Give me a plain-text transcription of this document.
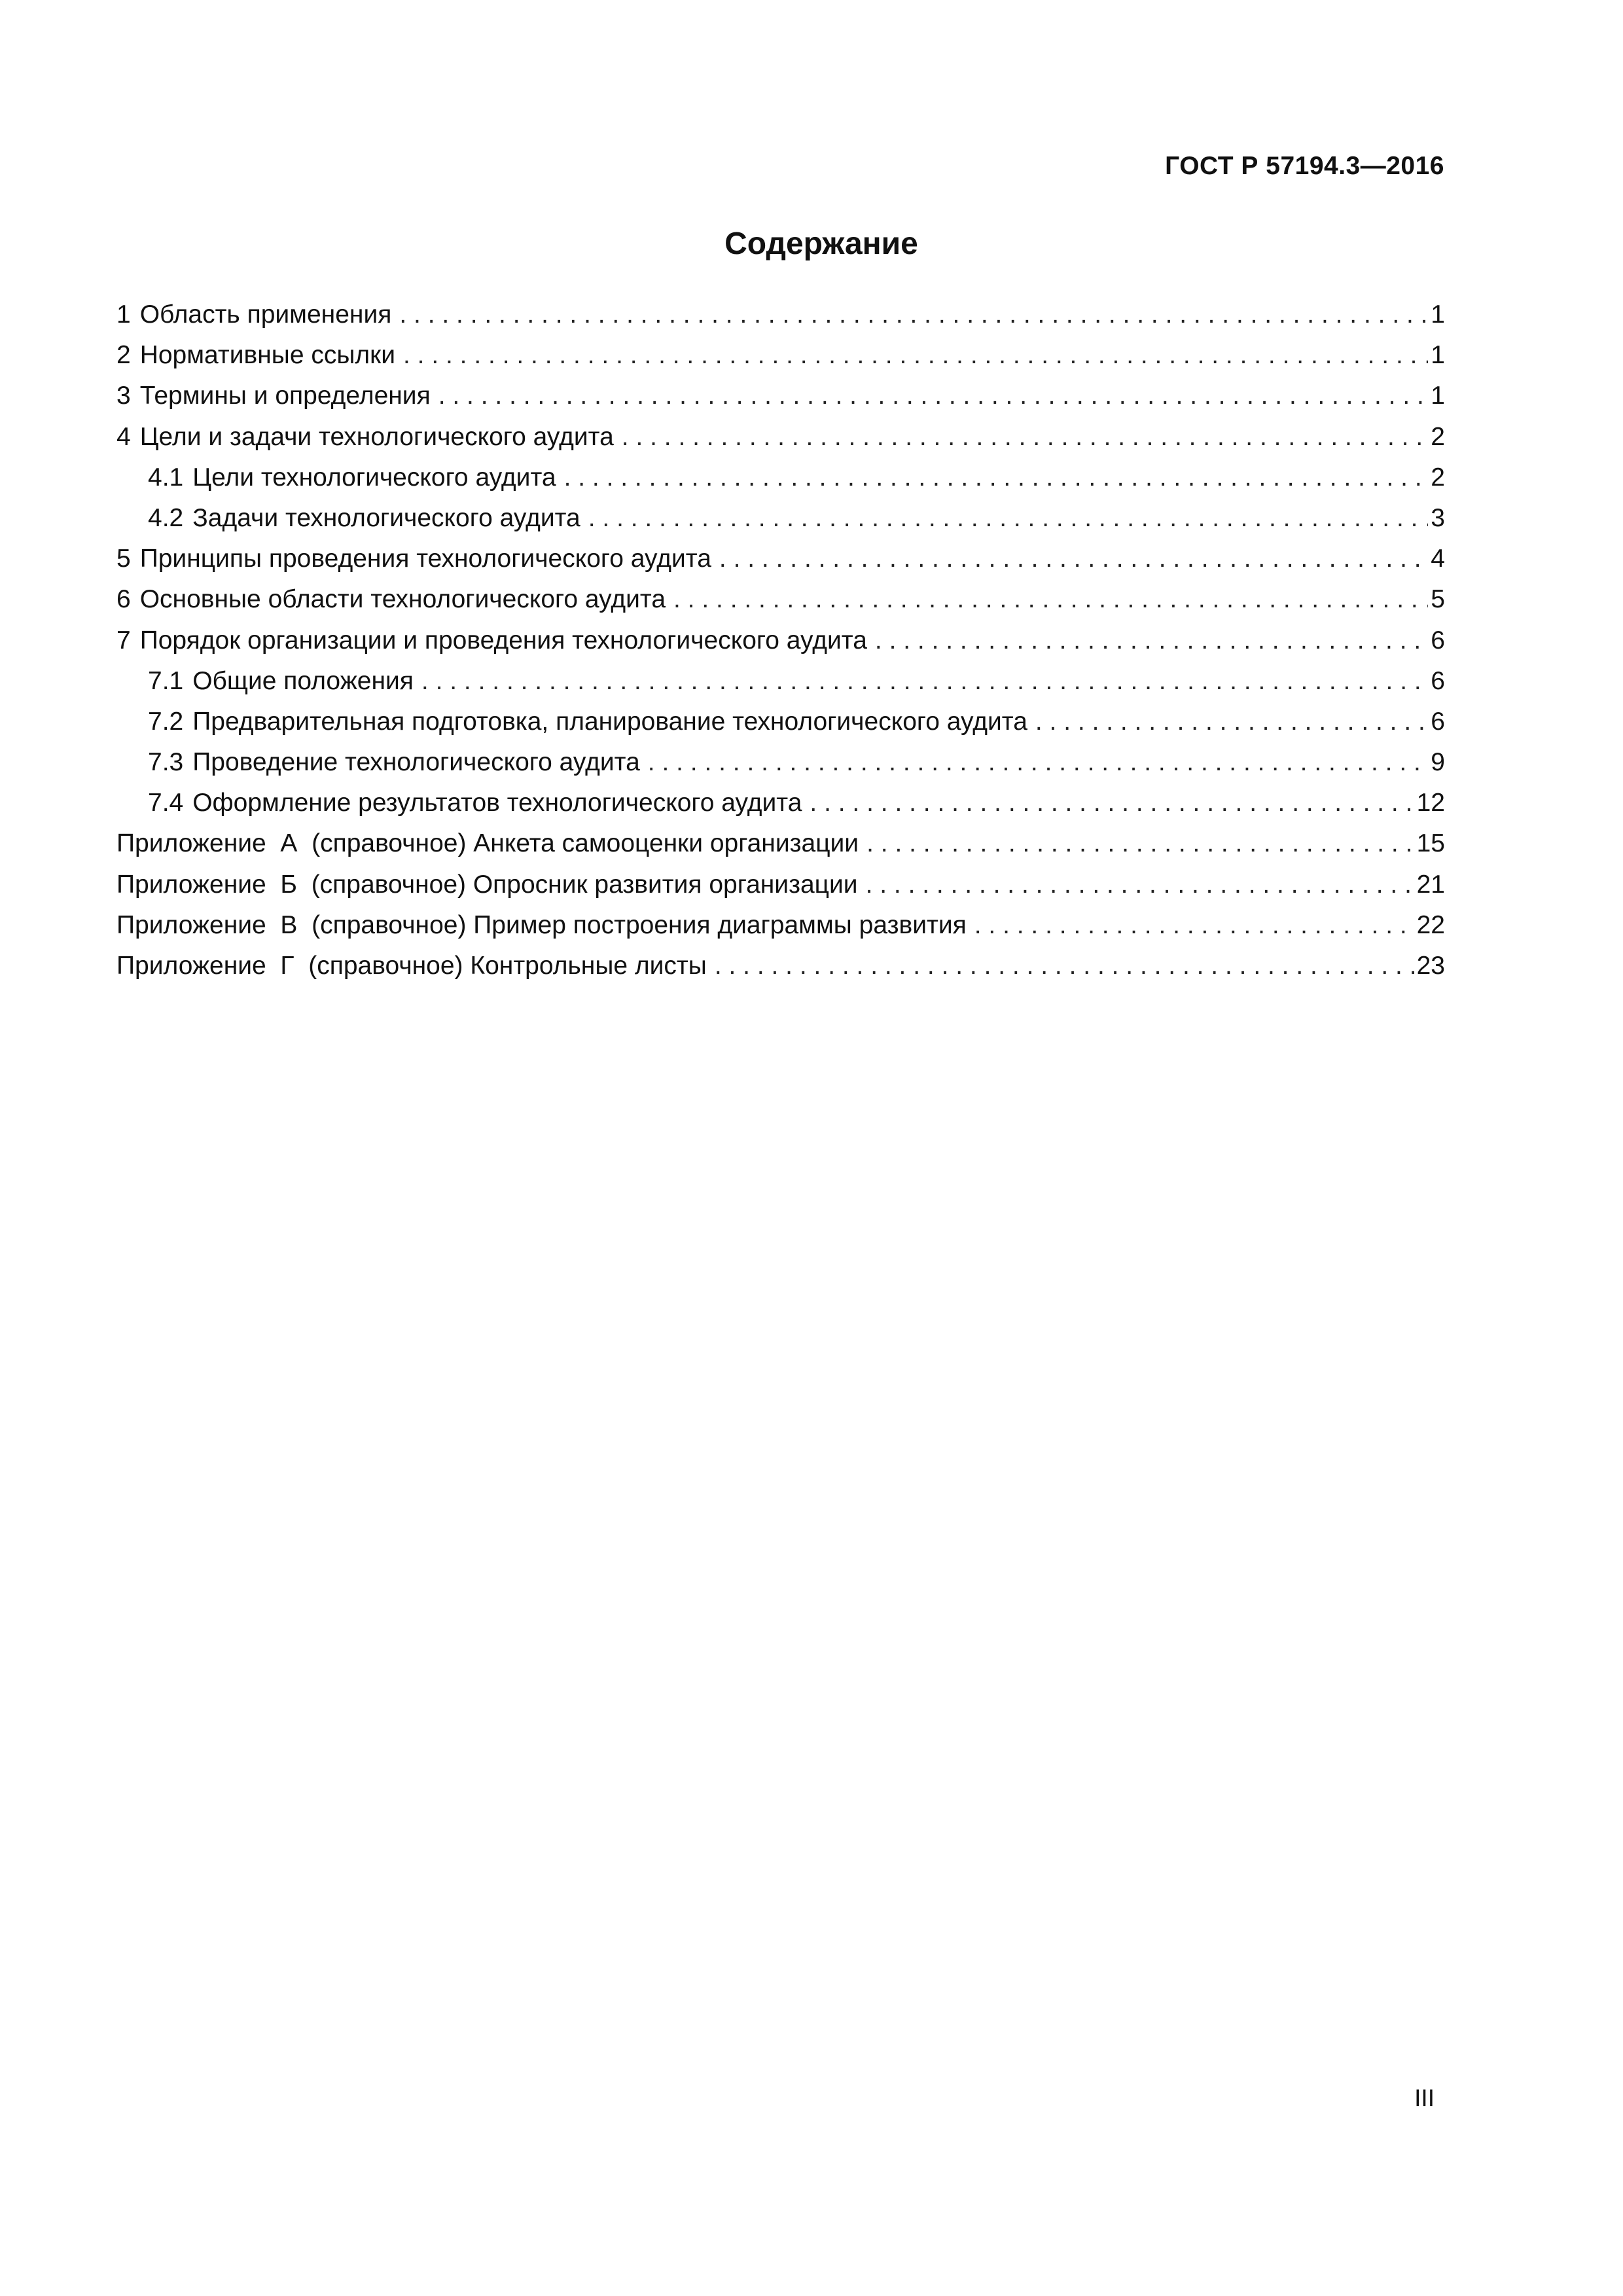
ГОСТ Р 57194.3—2016
Содержание
1 Область применения . . .	1
2 Нормативные ссылки . . .	1
3 Термины и определения . . .	1
4 Цели и задачи технологического аудита . . .	2
4.1 Цели технологического аудита . . .	2
4.2 Задачи технологического аудита . . .	3
5 Принципы проведения технологического аудита . . .	4
6 Основные области технологического аудита . . .	5
7 Порядок организации и проведения технологического аудита . . .	6
7.1 Общие положения . . .	6
7.2 Предварительная подготовка, планирование технологического аудита . . .	6
7.3 Проведение технологического аудита . . .	9
7.4 Оформление результатов технологического аудита . . .	12
Приложение  А (справочное) Анкета самооценки организации . . .	15
Приложение  Б (справочное) Опросник развития организации . . .	21
Приложение  В (справочное) Пример построения диаграммы развития . . .	22
Приложение  Г (справочное) Контрольные листы . . .	23
III
